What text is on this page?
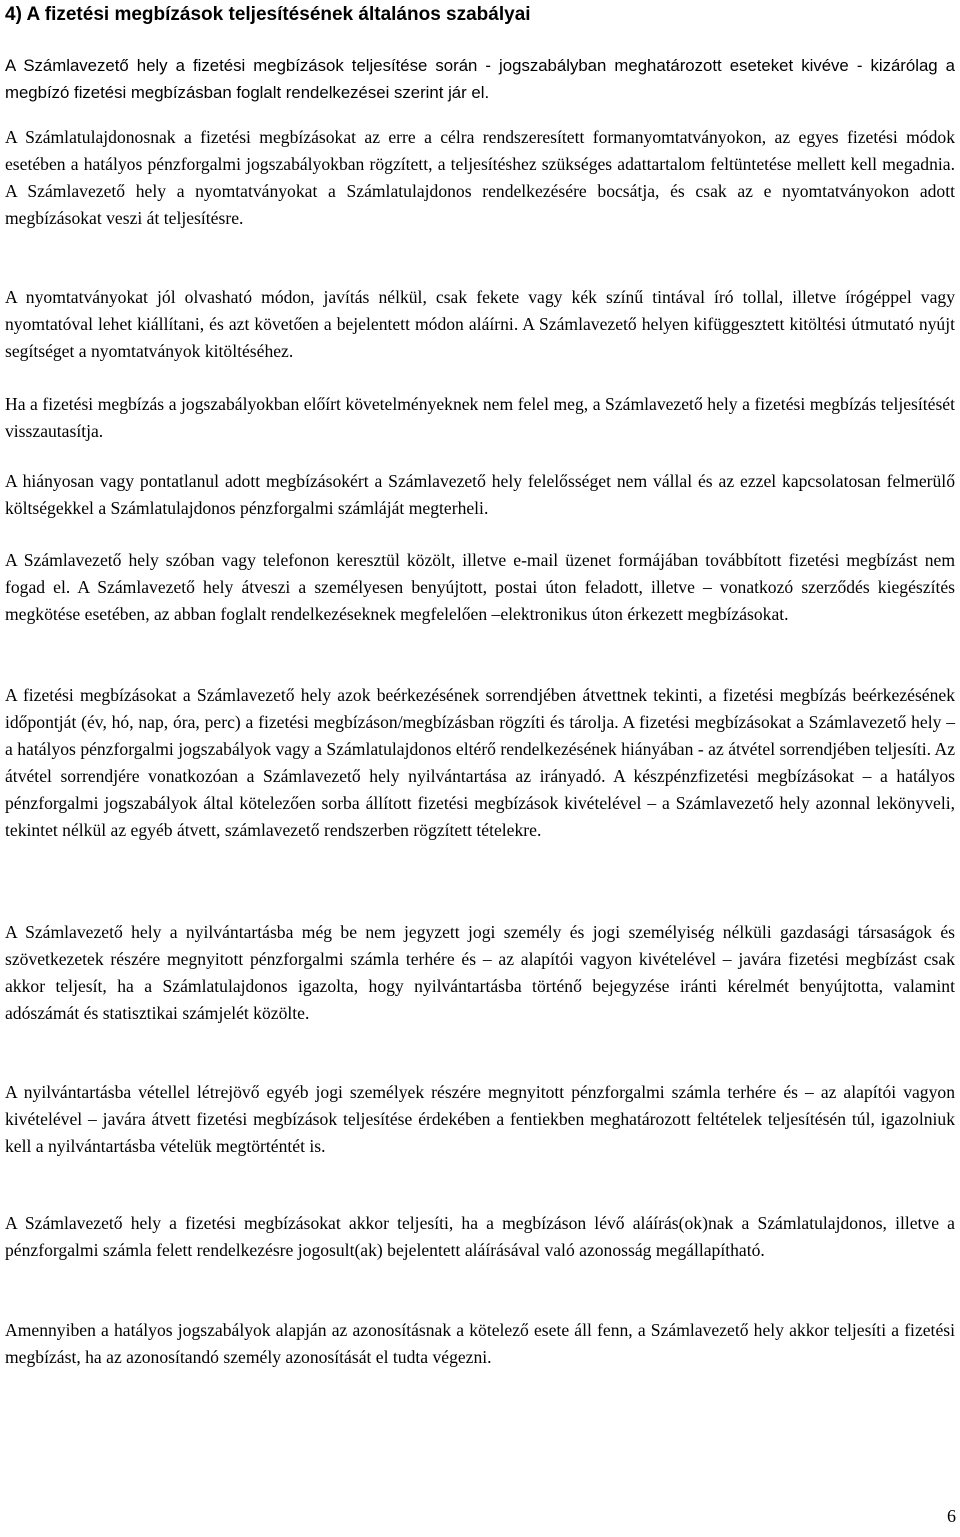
4) A fizetési megbízások teljesítésének általános szabályai

A Számlavezető hely a fizetési megbízások teljesítése során - jogszabályban meghatározott eseteket kivéve - kizárólag a megbízó fizetési megbízásban foglalt rendelkezései szerint jár el.

A Számlatulajdonosnak a fizetési megbízásokat az erre a célra rendszeresített formanyomtatványokon, az egyes fizetési módok esetében a hatályos pénzforgalmi jogszabályokban rögzített, a teljesítéshez szükséges adattartalom feltüntetése mellett kell megadnia. A Számlavezető hely a nyomtatványokat a Számlatulajdonos rendelkezésére bocsátja, és csak az e nyomtatványokon adott megbízásokat veszi át teljesítésre.

A nyomtatványokat jól olvasható módon, javítás nélkül, csak fekete vagy kék színű tintával író tollal, illetve írógéppel vagy nyomtatóval lehet kiállítani, és azt követően a bejelentett módon aláírni. A Számlavezető helyen kifüggesztett kitöltési útmutató nyújt segítséget a nyomtatványok kitöltéséhez.

Ha a fizetési megbízás a jogszabályokban előírt követelményeknek nem felel meg, a Számlavezető hely a fizetési megbízás teljesítését visszautasítja.

A hiányosan vagy pontatlanul adott megbízásokért a Számlavezető hely felelősséget nem vállal és az ezzel kapcsolatosan felmerülő költségekkel a Számlatulajdonos pénzforgalmi számláját megterheli.

A Számlavezető hely szóban vagy telefonon keresztül közölt, illetve e-mail üzenet formájában továbbított fizetési megbízást nem fogad el. A Számlavezető hely átveszi a személyesen benyújtott, postai úton feladott, illetve – vonatkozó szerződés kiegészítés megkötése esetében, az abban foglalt rendelkezéseknek megfelelően –elektronikus úton érkezett megbízásokat.

A fizetési megbízásokat a Számlavezető hely azok beérkezésének sorrendjében átvettnek tekinti, a fizetési megbízás beérkezésének időpontját (év, hó, nap, óra, perc) a fizetési megbízáson/megbízásban rögzíti és tárolja. A fizetési megbízásokat a Számlavezető hely – a hatályos pénzforgalmi jogszabályok vagy a Számlatulajdonos eltérő rendelkezésének hiányában - az átvétel sorrendjében teljesíti. Az átvétel sorrendjére vonatkozóan a Számlavezető hely nyilvántartása az irányadó. A készpénzfizetési megbízásokat – a hatályos pénzforgalmi jogszabályok által kötelezően sorba állított fizetési megbízások kivételével – a Számlavezető hely azonnal lekönyveli, tekintet nélkül az egyéb átvett, számlavezető rendszerben rögzített tételekre.

A Számlavezető hely a nyilvántartásba még be nem jegyzett jogi személy és jogi személyiség nélküli gazdasági társaságok és szövetkezetek részére megnyitott pénzforgalmi számla terhére és – az alapítói vagyon kivételével – javára fizetési megbízást csak akkor teljesít, ha a Számlatulajdonos igazolta, hogy nyilvántartásba történő bejegyzése iránti kérelmét benyújtotta, valamint adószámát és statisztikai számjelét közölte.

A nyilvántartásba vétellel létrejövő egyéb jogi személyek részére megnyitott pénzforgalmi számla terhére és – az alapítói vagyon kivételével – javára átvett fizetési megbízások teljesítése érdekében a fentiekben meghatározott feltételek teljesítésén túl, igazolniuk kell a nyilvántartásba vételük megtörténtét is.

A Számlavezető hely a fizetési megbízásokat akkor teljesíti, ha a megbízáson lévő aláírás(ok)nak a Számlatulajdonos, illetve a pénzforgalmi számla felett rendelkezésre jogosult(ak) bejelentett aláírásával való azonosság megállapítható.

Amennyiben a hatályos jogszabályok alapján az azonosításnak a kötelező esete áll fenn, a Számlavezető hely akkor teljesíti a fizetési megbízást, ha az azonosítandó személy azonosítását el tudta végezni.

6
